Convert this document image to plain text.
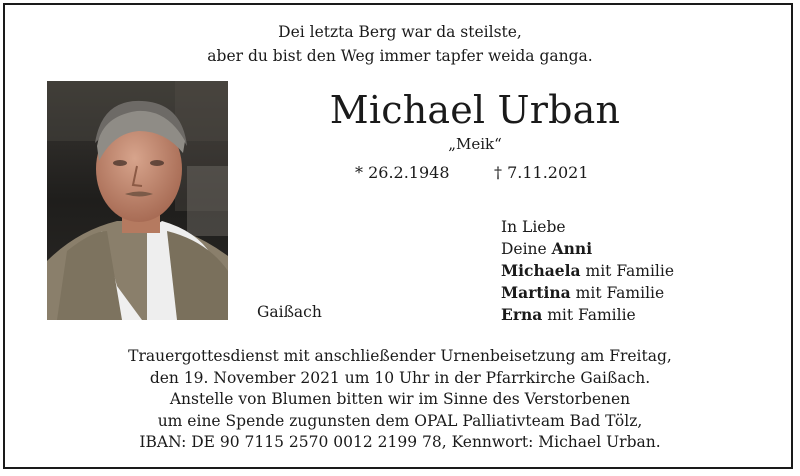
Dei letzta Berg war da steilste,
aber du bist den Weg immer tapfer weida ganga.
Michael Urban
„Meik“
* 26.2.1948	† 7.11.2021
Gaißach
In Liebe
Deine Anni
Michaela mit Familie
Martina mit Familie
Erna mit Familie
Trauergottesdienst mit anschließender Urnenbeisetzung am Freitag,
den 19. November 2021 um 10 Uhr in der Pfarrkirche Gaißach.
Anstelle von Blumen bitten wir im Sinne des Verstorbenen
um eine Spende zugunsten dem OPAL Palliativteam Bad Tölz,
IBAN: DE 90 7115 2570 0012 2199 78, Kennwort: Michael Urban.
